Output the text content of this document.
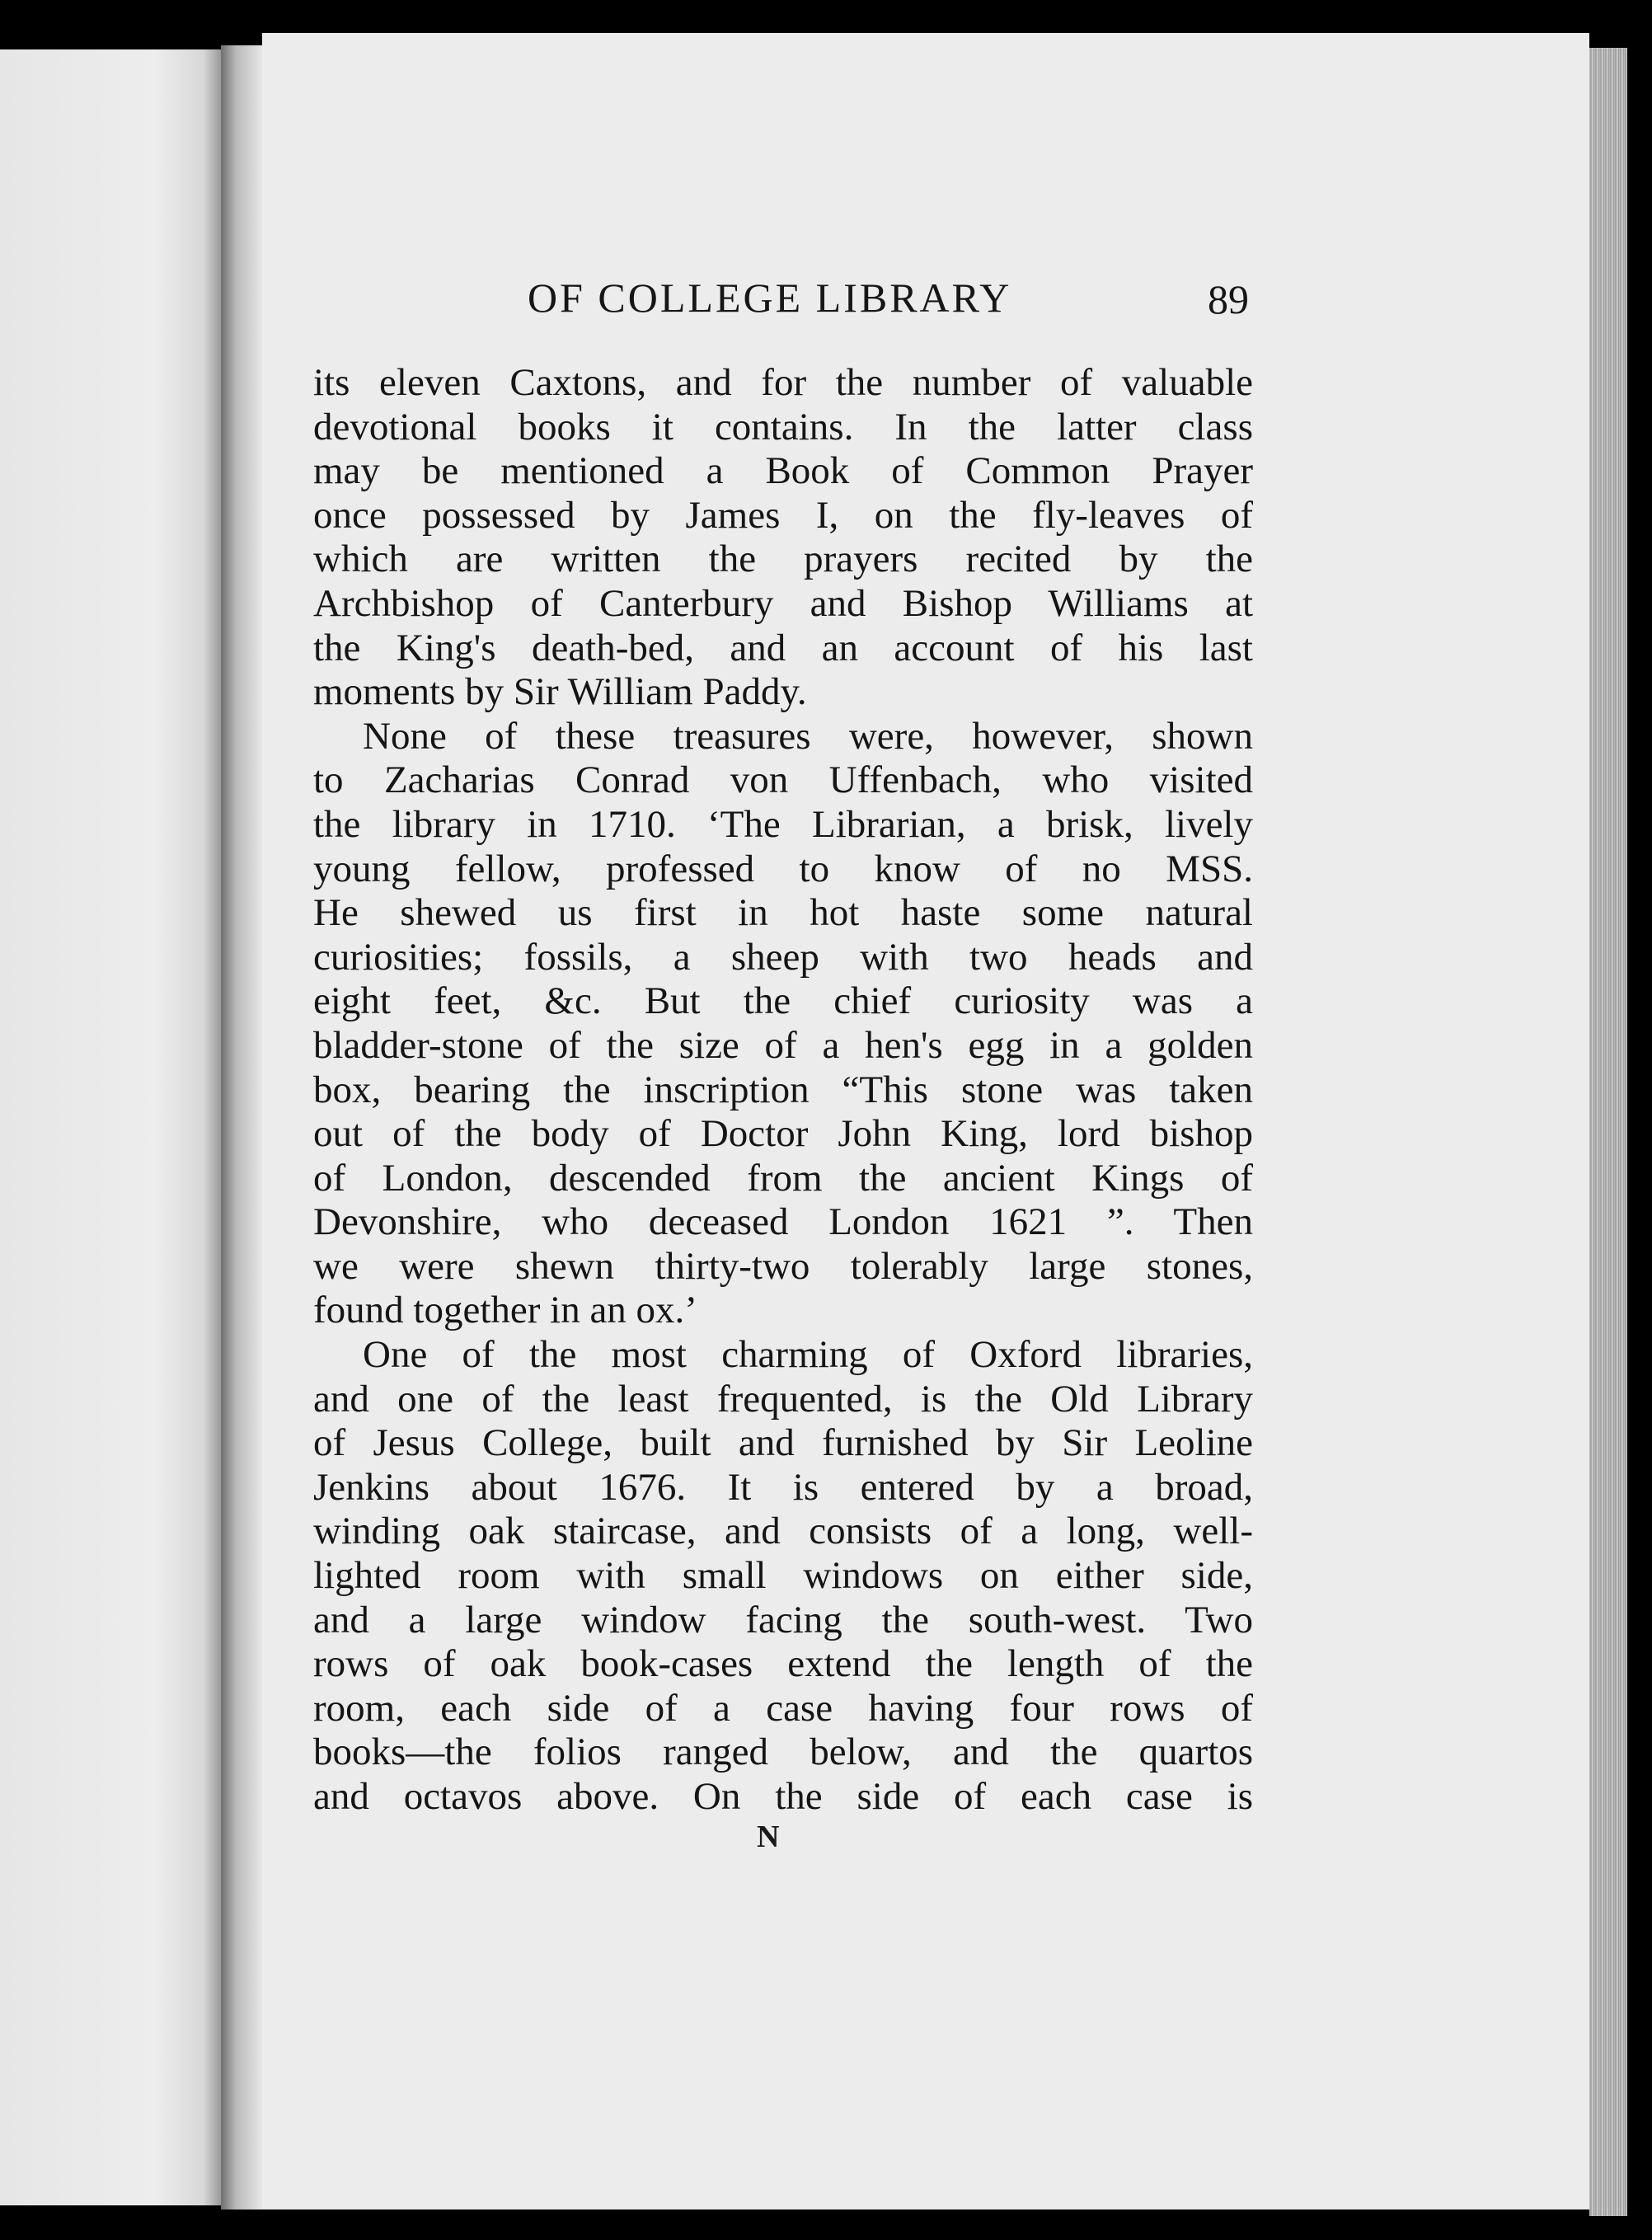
OF COLLEGE LIBRARY	89
its eleven Caxtons, and for the number of valuable
devotional books it contains. In the latter class
may be mentioned a Book of Common Prayer
once possessed by James I, on the fly-leaves of
which are written the prayers recited by the
Archbishop of Canterbury and Bishop Williams at
the King's death-bed, and an account of his last
moments by Sir William Paddy.
None of these treasures were, however, shown
to Zacharias Conrad von Uffenbach, who visited
the library in 1710. ‘The Librarian, a brisk, lively
young fellow, professed to know of no MSS.
He shewed us first in hot haste some natural
curiosities; fossils, a sheep with two heads and
eight feet, &c. But the chief curiosity was a
bladder-stone of the size of a hen's egg in a golden
box, bearing the inscription “This stone was taken
out of the body of Doctor John King, lord bishop
of London, descended from the ancient Kings of
Devonshire, who deceased London 1621 ”. Then
we were shewn thirty-two tolerably large stones,
found together in an ox.’
One of the most charming of Oxford libraries,
and one of the least frequented, is the Old Library
of Jesus College, built and furnished by Sir Leoline
Jenkins about 1676. It is entered by a broad,
winding oak staircase, and consists of a long, well-
lighted room with small windows on either side,
and a large window facing the south-west. Two
rows of oak book-cases extend the length of the
room, each side of a case having four rows of
books—the folios ranged below, and the quartos
and octavos above. On the side of each case is
N
